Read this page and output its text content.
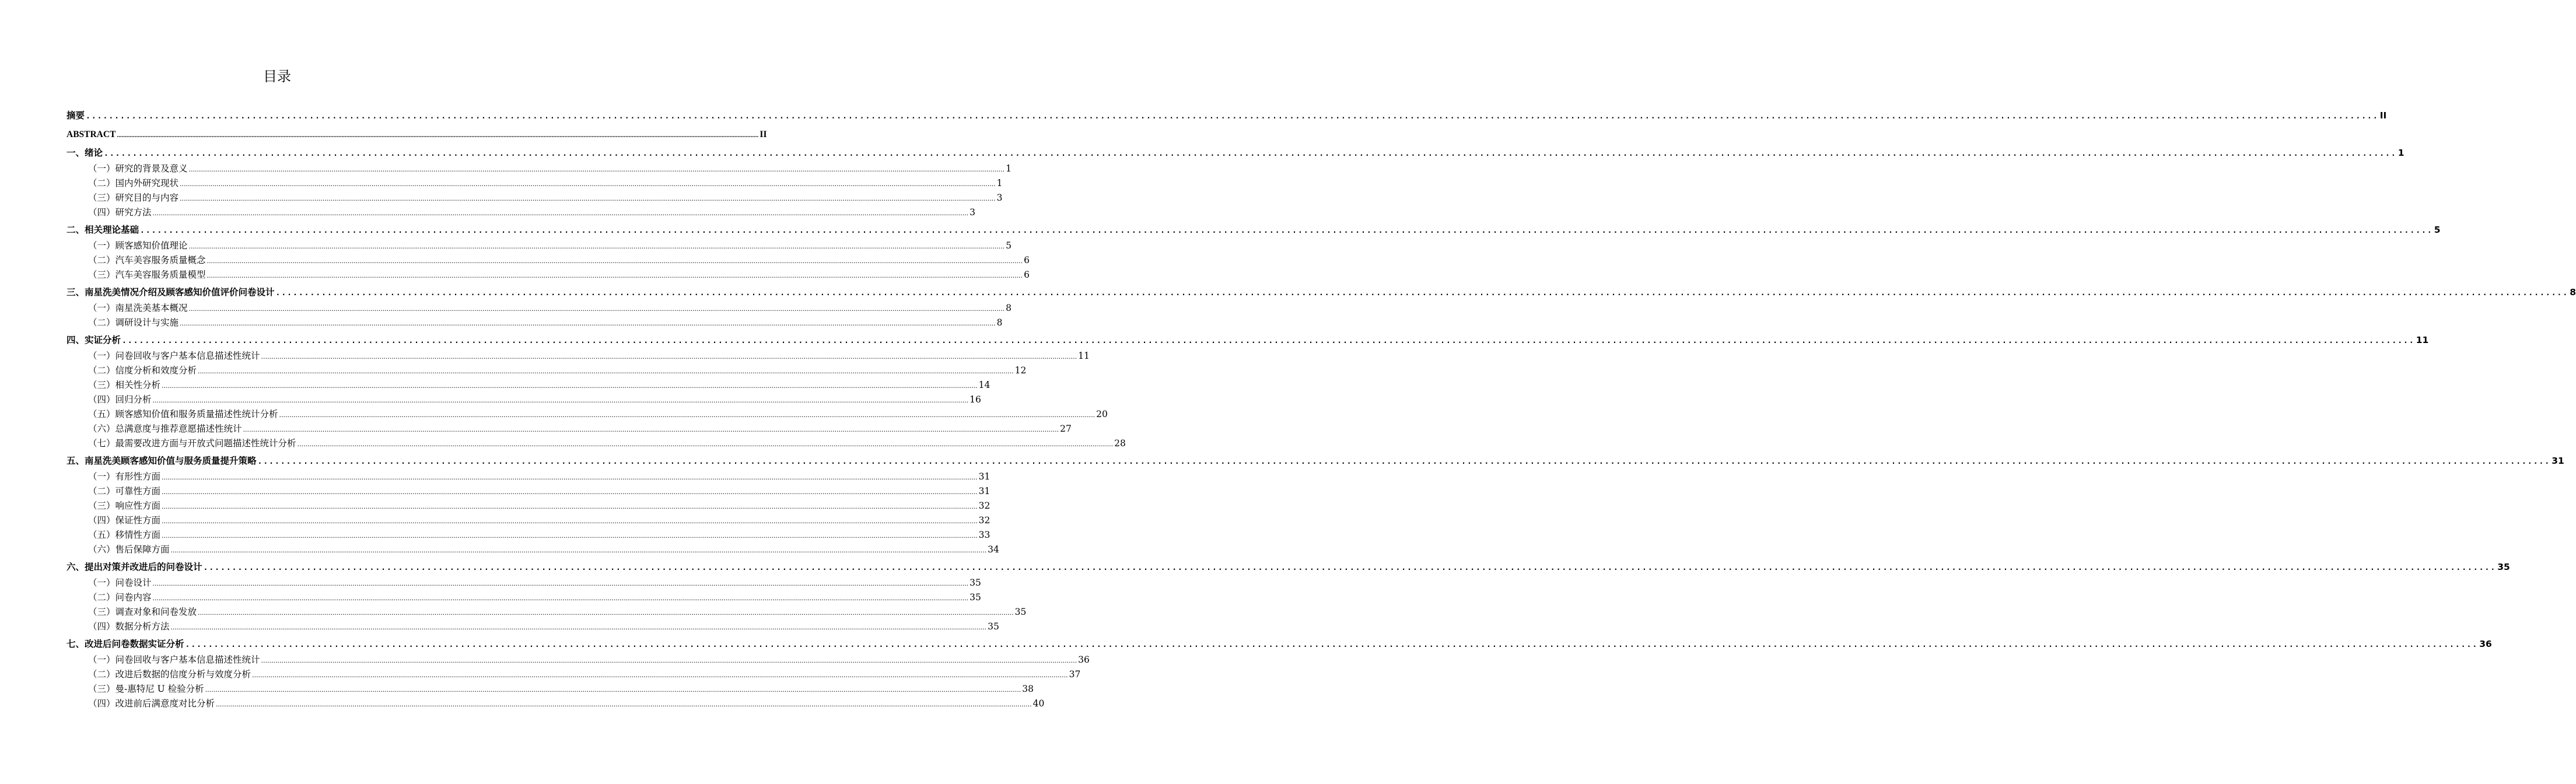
目录
摘要 ................................................................................................................................................................................................................................................................................................................................................................................................................ II
ABSTRACT ................................................................................................................................................................................................................................................................................................................................................................................................................ II
一、绪论 ................................................................................................................................................................................................................................................................................................................................................................................................................ 1
（一）研究的背景及意义 ................................................................................................................................................................................................................................................................................................................................................................................................................ 1
（二）国内外研究现状 ................................................................................................................................................................................................................................................................................................................................................................................................................ 1
（三）研究目的与内容 ................................................................................................................................................................................................................................................................................................................................................................................................................ 3
（四）研究方法 ................................................................................................................................................................................................................................................................................................................................................................................................................ 3
二、相关理论基础 ................................................................................................................................................................................................................................................................................................................................................................................................................ 5
（一）顾客感知价值理论 ................................................................................................................................................................................................................................................................................................................................................................................................................ 5
（二）汽车美容服务质量概念 ................................................................................................................................................................................................................................................................................................................................................................................................................ 6
（三）汽车美容服务质量模型 ................................................................................................................................................................................................................................................................................................................................................................................................................ 6
三、南星洗美情况介绍及顾客感知价值评价问卷设计 ................................................................................................................................................................................................................................................................................................................................................................................................................ 8
（一）南星洗美基本概况 ................................................................................................................................................................................................................................................................................................................................................................................................................ 8
（二）调研设计与实施 ................................................................................................................................................................................................................................................................................................................................................................................................................ 8
四、实证分析 ................................................................................................................................................................................................................................................................................................................................................................................................................ 11
（一）问卷回收与客户基本信息描述性统计 ................................................................................................................................................................................................................................................................................................................................................................................................................ 11
（二）信度分析和效度分析 ................................................................................................................................................................................................................................................................................................................................................................................................................ 12
（三）相关性分析 ................................................................................................................................................................................................................................................................................................................................................................................................................ 14
（四）回归分析 ................................................................................................................................................................................................................................................................................................................................................................................................................ 16
（五）顾客感知价值和服务质量描述性统计分析 ................................................................................................................................................................................................................................................................................................................................................................................................................ 20
（六）总满意度与推荐意愿描述性统计 ................................................................................................................................................................................................................................................................................................................................................................................................................ 27
（七）最需要改进方面与开放式问题描述性统计分析 ................................................................................................................................................................................................................................................................................................................................................................................................................ 28
五、南星洗美顾客感知价值与服务质量提升策略 ................................................................................................................................................................................................................................................................................................................................................................................................................ 31
（一）有形性方面 ................................................................................................................................................................................................................................................................................................................................................................................................................ 31
（二）可靠性方面 ................................................................................................................................................................................................................................................................................................................................................................................................................ 31
（三）响应性方面 ................................................................................................................................................................................................................................................................................................................................................................................................................ 32
（四）保证性方面 ................................................................................................................................................................................................................................................................................................................................................................................................................ 32
（五）移情性方面 ................................................................................................................................................................................................................................................................................................................................................................................................................ 33
（六）售后保障方面 ................................................................................................................................................................................................................................................................................................................................................................................................................ 34
六、提出对策并改进后的问卷设计 ................................................................................................................................................................................................................................................................................................................................................................................................................ 35
（一）问卷设计 ................................................................................................................................................................................................................................................................................................................................................................................................................ 35
（二）问卷内容 ................................................................................................................................................................................................................................................................................................................................................................................................................ 35
（三）调查对象和问卷发放 ................................................................................................................................................................................................................................................................................................................................................................................................................ 35
（四）数据分析方法 ................................................................................................................................................................................................................................................................................................................................................................................................................ 35
七、改进后问卷数据实证分析 ................................................................................................................................................................................................................................................................................................................................................................................................................ 36
（一）问卷回收与客户基本信息描述性统计 ................................................................................................................................................................................................................................................................................................................................................................................................................ 36
（二）改进后数据的信度分析与效度分析 ................................................................................................................................................................................................................................................................................................................................................................................................................ 37
（三）曼-惠特尼 U 检验分析 ................................................................................................................................................................................................................................................................................................................................................................................................................ 38
（四）改进前后满意度对比分析 ................................................................................................................................................................................................................................................................................................................................................................................................................ 40
